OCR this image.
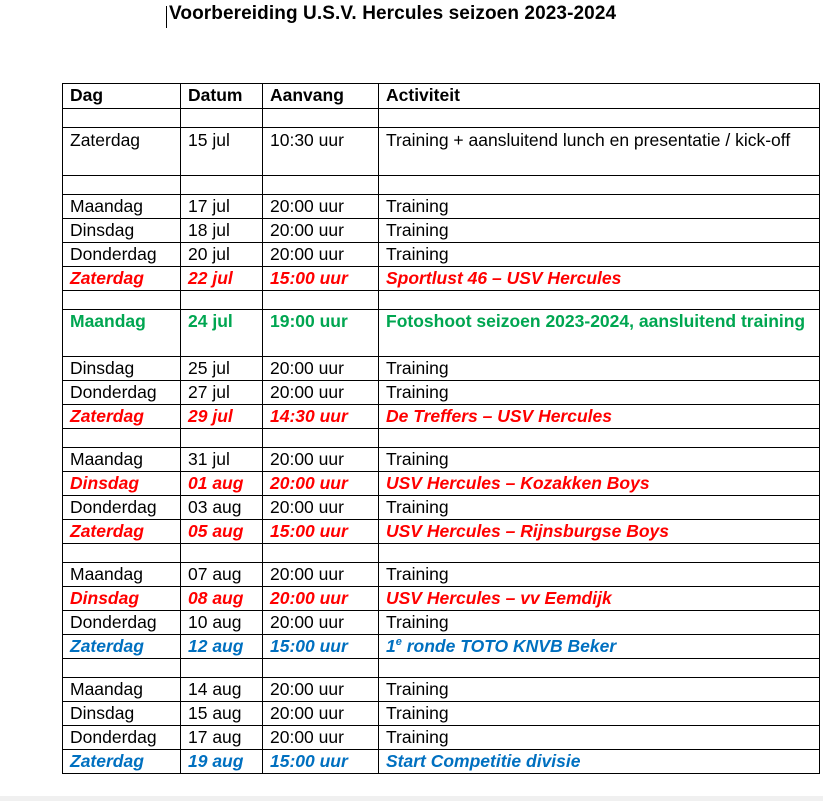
Voorbereiding U.S.V. Hercules seizoen 2023-2024
Dag	Datum	Aanvang	Activiteit

Zaterdag	15 jul	10:30 uur	Training + aansluitend lunch en presentatie / kick-off

Maandag	17 jul	20:00 uur	Training
Dinsdag	18 jul	20:00 uur	Training
Donderdag	20 jul	20:00 uur	Training
Zaterdag	22 jul	15:00 uur	Sportlust 46 – USV Hercules

Maandag	24 jul	19:00 uur	Fotoshoot seizoen 2023-2024, aansluitend training
Dinsdag	25 jul	20:00 uur	Training
Donderdag	27 jul	20:00 uur	Training
Zaterdag	29 jul	14:30 uur	De Treffers – USV Hercules

Maandag	31 jul	20:00 uur	Training
Dinsdag	01 aug	20:00 uur	USV Hercules – Kozakken Boys
Donderdag	03 aug	20:00 uur	Training
Zaterdag	05 aug	15:00 uur	USV Hercules – Rijnsburgse Boys

Maandag	07 aug	20:00 uur	Training
Dinsdag	08 aug	20:00 uur	USV Hercules – vv Eemdijk
Donderdag	10 aug	20:00 uur	Training
Zaterdag	12 aug	15:00 uur	1e ronde TOTO KNVB Beker

Maandag	14 aug	20:00 uur	Training
Dinsdag	15 aug	20:00 uur	Training
Donderdag	17 aug	20:00 uur	Training
Zaterdag	19 aug	15:00 uur	Start Competitie divisie
